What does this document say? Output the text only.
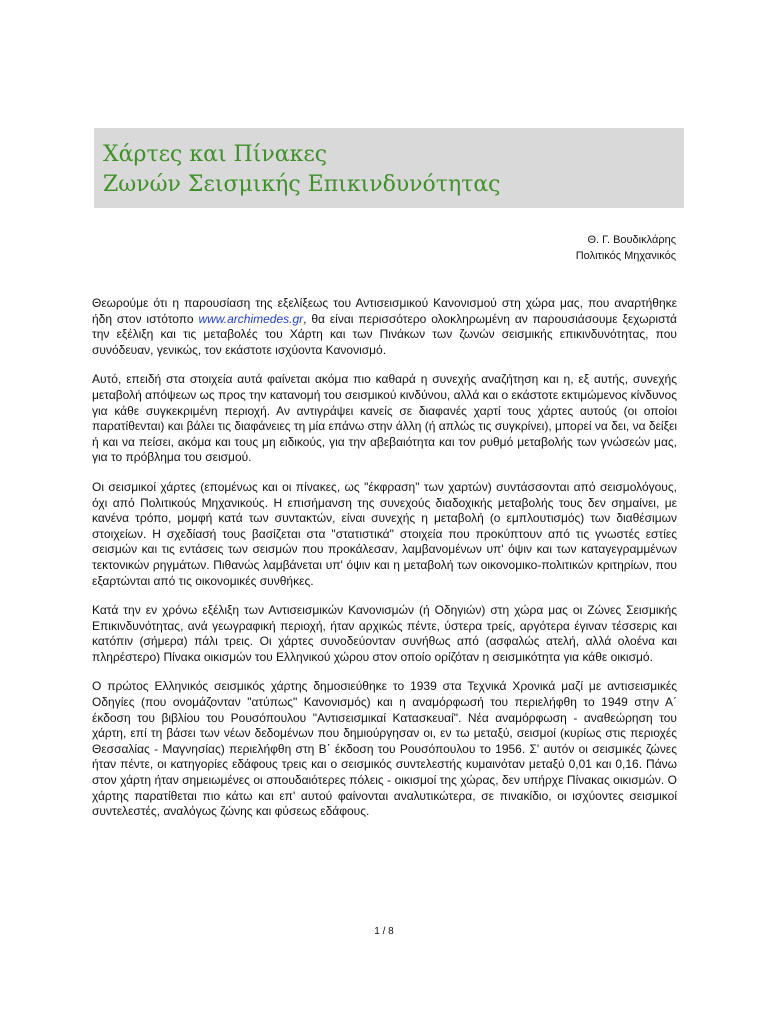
Χάρτες και Πίνακες
Ζωνών Σεισμικής Επικινδυνότητας
Θ. Γ. Βουδικλάρης
Πολιτικός Μηχανικός

Θεωρούμε ότι η παρουσίαση της εξελίξεως του Αντισεισμικού Κανονισμού στη χώρα μας, που αναρτήθηκε ήδη στον ιστότοπο www.archimedes.gr, θα είναι περισσότερο ολοκληρωμένη αν παρουσιάσουμε ξεχωριστά την εξέλιξη και τις μεταβολές του Χάρτη και των Πινάκων των ζωνών σεισμικής επικινδυνότητας, που συνόδευαν, γενικώς, τον εκάστοτε ισχύοντα Κανονισμό.

Αυτό, επειδή στα στοιχεία αυτά φαίνεται ακόμα πιο καθαρά η συνεχής αναζήτηση και η, εξ αυτής, συνεχής μεταβολή απόψεων ως προς την κατανομή του σεισμικού κινδύνου, αλλά και ο εκάστοτε εκτιμώμενος κίνδυνος για κάθε συγκεκριμένη περιοχή. Αν αντιγράψει κανείς σε διαφανές χαρτί τους χάρτες αυτούς (οι οποίοι παρατίθενται) και βάλει τις διαφάνειες τη μία επάνω στην άλλη (ή απλώς τις συγκρίνει), μπορεί να δει, να δείξει ή και να πείσει, ακόμα και τους μη ειδικούς, για την αβεβαιότητα και τον ρυθμό μεταβολής των γνώσεών μας, για το πρόβλημα του σεισμού.

Οι σεισμικοί χάρτες (επομένως και οι πίνακες, ως "έκφραση" των χαρτών) συντάσσονται από σεισμολόγους, όχι από Πολιτικούς Μηχανικούς. Η επισήμανση της συνεχούς διαδοχικής μεταβολής τους δεν σημαίνει, με κανένα τρόπο, μομφή κατά των συντακτών, είναι συνεχής η μεταβολή (ο εμπλουτισμός) των διαθέσιμων στοιχείων. Η σχεδίασή τους βασίζεται στα "στατιστικά" στοιχεία που προκύπτουν από τις γνωστές εστίες σεισμών και τις εντάσεις των σεισμών που προκάλεσαν, λαμβανομένων υπ' όψιν και των καταγεγραμμένων τεκτονικών ρηγμάτων. Πιθανώς λαμβάνεται υπ' όψιν και η μεταβολή των οικονομικο-πολιτικών κριτηρίων, που εξαρτώνται από τις οικονομικές συνθήκες.

Κατά την εν χρόνω εξέλιξη των Αντισεισμικών Κανονισμών (ή Οδηγιών) στη χώρα μας οι Ζώνες Σεισμικής Επικινδυνότητας, ανά γεωγραφική περιοχή, ήταν αρχικώς πέντε, ύστερα τρείς, αργότερα έγιναν τέσσερις και κατόπιν (σήμερα) πάλι τρεις. Οι χάρτες συνοδεύονταν συνήθως από (ασφαλώς ατελή, αλλά ολοένα και πληρέστερο) Πίνακα οικισμών του Ελληνικού χώρου στον οποίο ορίζόταν η σεισμικότητα για κάθε οικισμό.

Ο πρώτος Ελληνικός σεισμικός χάρτης δημοσιεύθηκε το 1939 στα Τεχνικά Χρονικά μαζί με αντισεισμικές Οδηγίες (που ονομάζονταν "ατύπως" Κανονισμός) και η αναμόρφωσή του περιελήφθη το 1949 στην Α΄ έκδοση του βιβλίου του Ρουσόπουλου "Αντισεισμικαί Κατασκευαί". Νέα αναμόρφωση - αναθεώρηση του χάρτη, επί τη βάσει των νέων δεδομένων που δημιούργησαν οι, εν τω μεταξύ, σεισμοί (κυρίως στις περιοχές Θεσσαλίας - Μαγνησίας) περιελήφθη στη Β΄ έκδοση του Ρουσόπουλου το 1956. Σ' αυτόν οι σεισμικές ζώνες ήταν πέντε, οι κατηγορίες εδάφους τρεις και ο σεισμικός συντελεστής κυμαινόταν μεταξύ 0,01 και 0,16. Πάνω στον χάρτη ήταν σημειωμένες οι σπουδαιότερες πόλεις - οικισμοί της χώρας, δεν υπήρχε Πίνακας οικισμών. Ο χάρτης παρατίθεται πιο κάτω και επ' αυτού φαίνονται αναλυτικώτερα, σε πινακίδιο, οι ισχύοντες σεισμικοί συντελεστές, αναλόγως ζώνης και φύσεως εδάφους.

1 / 8
